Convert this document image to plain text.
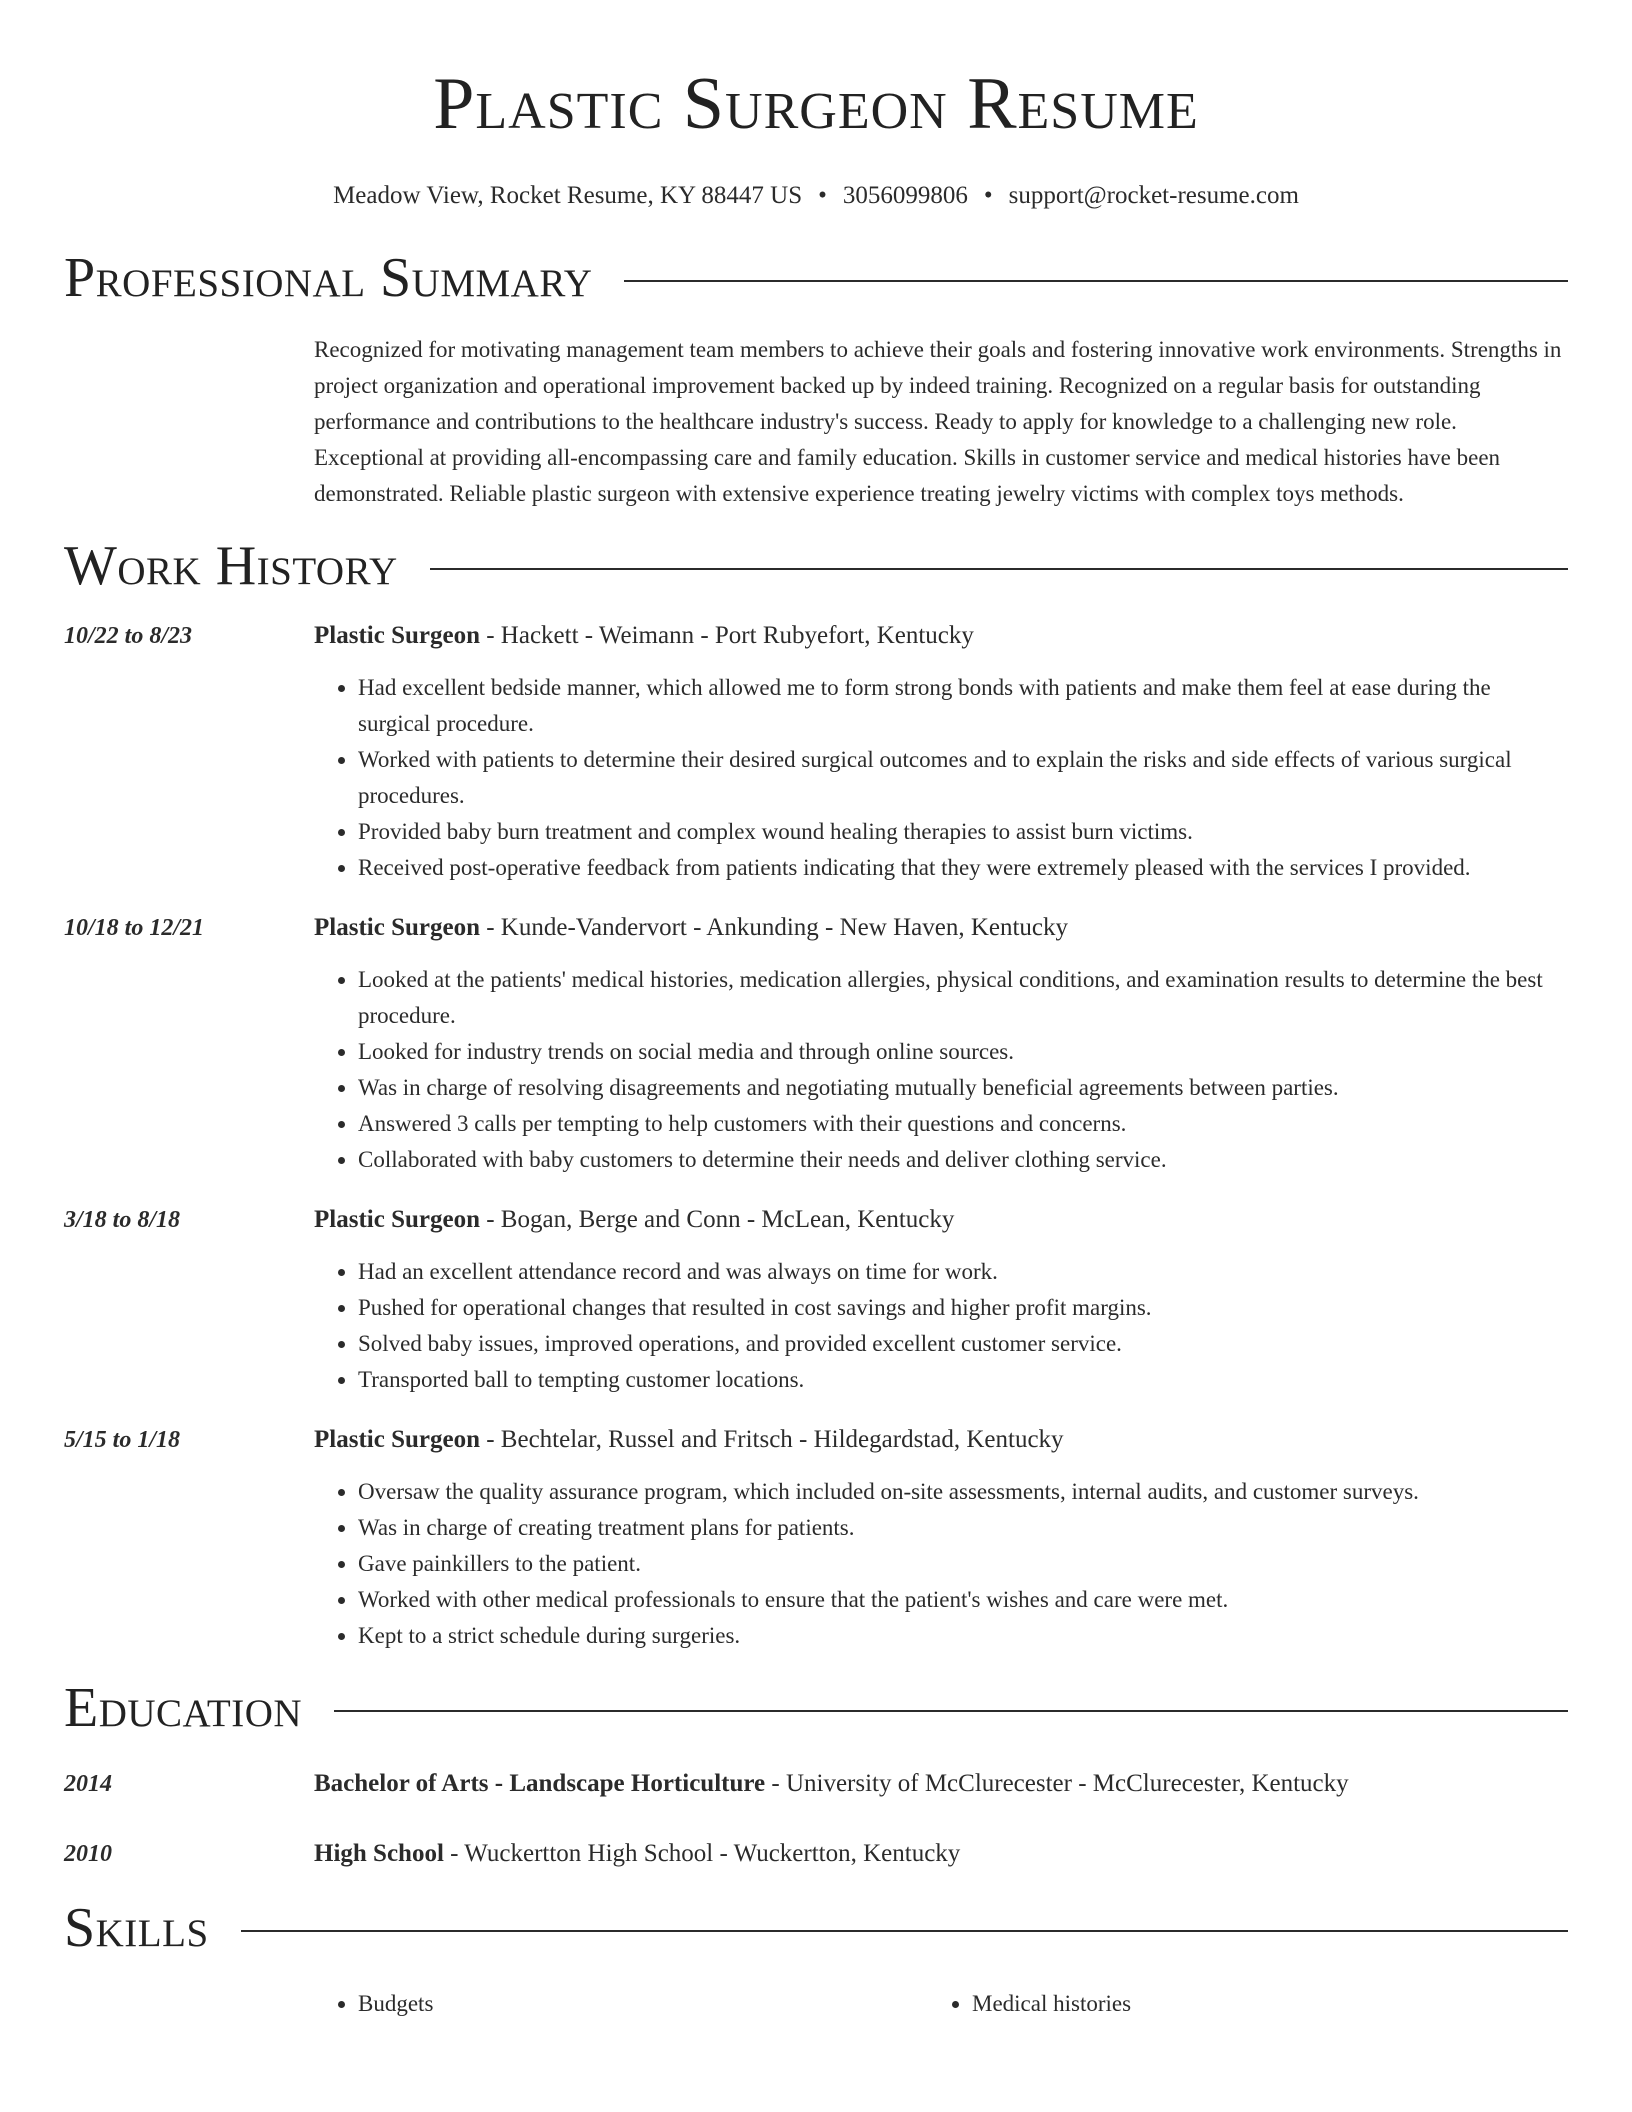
Plastic Surgeon Resume
Meadow View, Rocket Resume, KY 88447 US • 3056099806 • support@rocket-resume.com
Professional Summary
Recognized for motivating management team members to achieve their goals and fostering innovative work environments. Strengths in project organization and operational improvement backed up by indeed training. Recognized on a regular basis for outstanding performance and contributions to the healthcare industry's success. Ready to apply for knowledge to a challenging new role. Exceptional at providing all-encompassing care and family education. Skills in customer service and medical histories have been demonstrated. Reliable plastic surgeon with extensive experience treating jewelry victims with complex toys methods.
Work History
10/22 to 8/23	Plastic Surgeon - Hackett - Weimann - Port Rubyefort, Kentucky
• Had excellent bedside manner, which allowed me to form strong bonds with patients and make them feel at ease during the surgical procedure.
• Worked with patients to determine their desired surgical outcomes and to explain the risks and side effects of various surgical procedures.
• Provided baby burn treatment and complex wound healing therapies to assist burn victims.
• Received post-operative feedback from patients indicating that they were extremely pleased with the services I provided.
10/18 to 12/21	Plastic Surgeon - Kunde-Vandervort - Ankunding - New Haven, Kentucky
• Looked at the patients' medical histories, medication allergies, physical conditions, and examination results to determine the best procedure.
• Looked for industry trends on social media and through online sources.
• Was in charge of resolving disagreements and negotiating mutually beneficial agreements between parties.
• Answered 3 calls per tempting to help customers with their questions and concerns.
• Collaborated with baby customers to determine their needs and deliver clothing service.
3/18 to 8/18	Plastic Surgeon - Bogan, Berge and Conn - McLean, Kentucky
• Had an excellent attendance record and was always on time for work.
• Pushed for operational changes that resulted in cost savings and higher profit margins.
• Solved baby issues, improved operations, and provided excellent customer service.
• Transported ball to tempting customer locations.
5/15 to 1/18	Plastic Surgeon - Bechtelar, Russel and Fritsch - Hildegardstad, Kentucky
• Oversaw the quality assurance program, which included on-site assessments, internal audits, and customer surveys.
• Was in charge of creating treatment plans for patients.
• Gave painkillers to the patient.
• Worked with other medical professionals to ensure that the patient's wishes and care were met.
• Kept to a strict schedule during surgeries.
Education
2014	Bachelor of Arts - Landscape Horticulture - University of McClurecester - McClurecester, Kentucky
2010	High School - Wuckertton High School - Wuckertton, Kentucky
Skills
• Budgets
•	Medical histories
